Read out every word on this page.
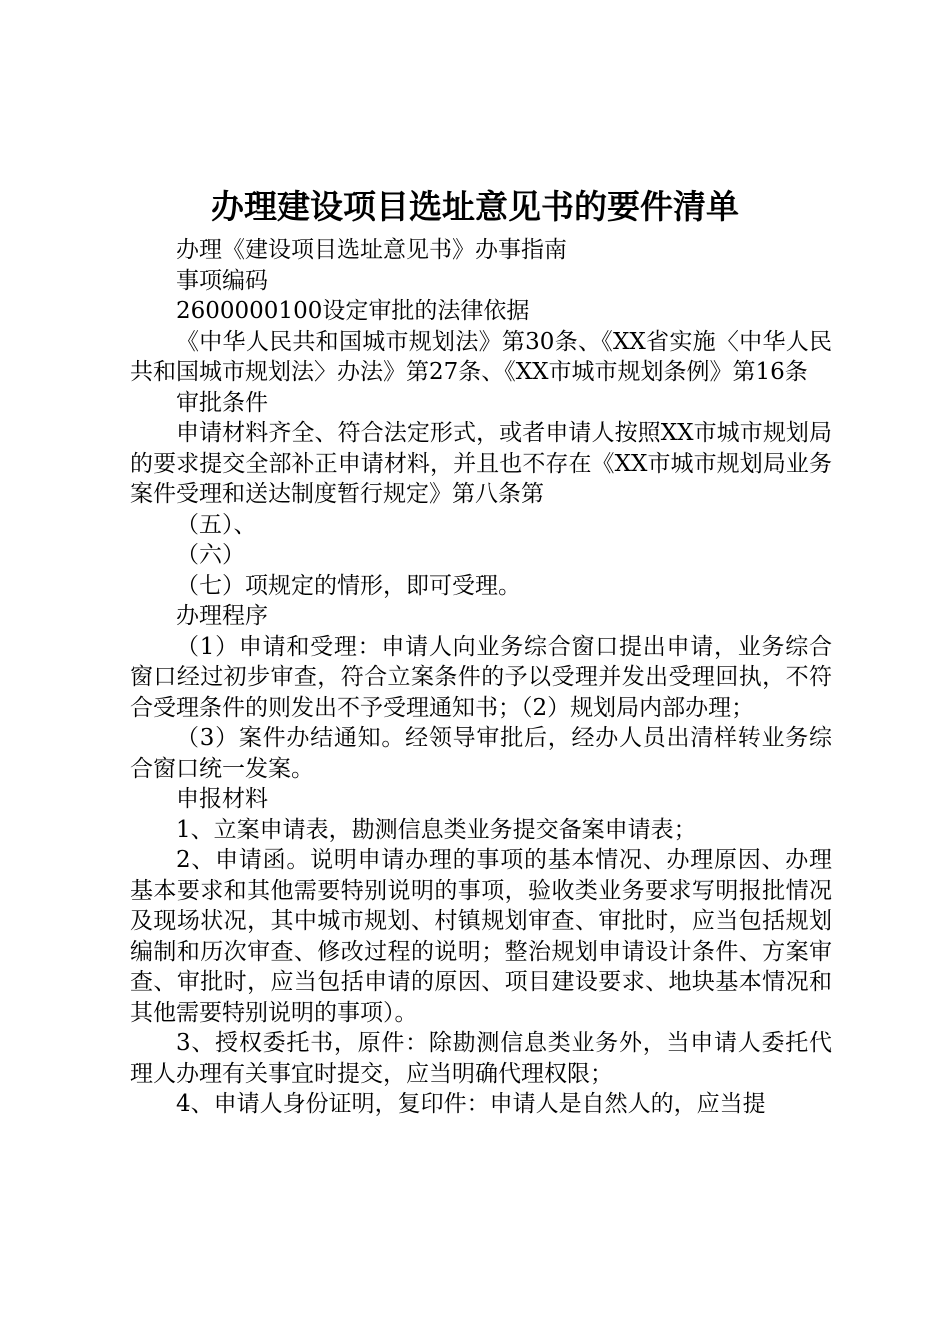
办理建设项目选址意见书的要件清单

办理《建设项目选址意见书》办事指南

事项编码

2600000100设定审批的法律依据

《中华人民共和国城市规划法》第30条、《XX省实施〈中华人民共和国城市规划法〉办法》第27条、《XX市城市规划条例》第16条

审批条件

申请材料齐全、符合法定形式，或者申请人按照XX市城市规划局的要求提交全部补正申请材料，并且也不存在《XX市城市规划局业务案件受理和送达制度暂行规定》第八条第

（五）、

（六）

（七）项规定的情形，即可受理。

办理程序

（1）申请和受理：申请人向业务综合窗口提出申请，业务综合窗口经过初步审查，符合立案条件的予以受理并发出受理回执，不符合受理条件的则发出不予受理通知书；（2）规划局内部办理；

（3）案件办结通知。经领导审批后，经办人员出清样转业务综合窗口统一发案。

申报材料

1、立案申请表，勘测信息类业务提交备案申请表；

2、申请函。说明申请办理的事项的基本情况、办理原因、办理基本要求和其他需要特别说明的事项，验收类业务要求写明报批情况及现场状况，其中城市规划、村镇规划审查、审批时，应当包括规划编制和历次审查、修改过程的说明；整治规划申请设计条件、方案审查、审批时，应当包括申请的原因、项目建设要求、地块基本情况和其他需要特别说明的事项）。

3、授权委托书，原件：除勘测信息类业务外，当申请人委托代理人办理有关事宜时提交，应当明确代理权限；

4、申请人身份证明，复印件：申请人是自然人的，应当提
